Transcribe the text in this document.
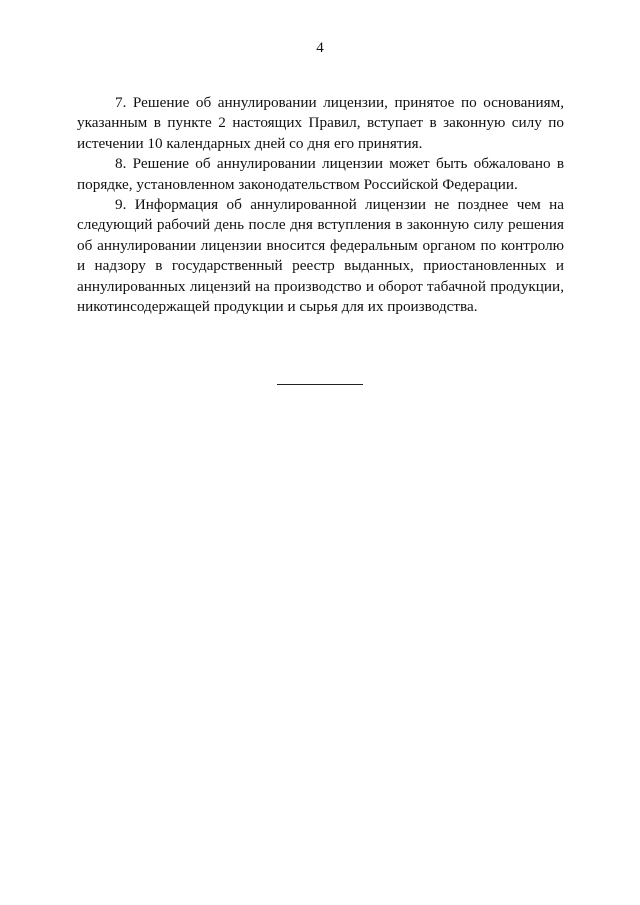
4

7. Решение об аннулировании лицензии, принятое по основаниям, указанным в пункте 2 настоящих Правил, вступает в законную силу по истечении 10 календарных дней со дня его принятия.

8. Решение об аннулировании лицензии может быть обжаловано в порядке, установленном законодательством Российской Федерации.

9. Информация об аннулированной лицензии не позднее чем на следующий рабочий день после дня вступления в законную силу решения об аннулировании лицензии вносится федеральным органом по контролю и надзору в государственный реестр выданных, приостановленных и аннулированных лицензий на производство и оборот табачной продукции, никотинсодержащей продукции и сырья для их производства.
